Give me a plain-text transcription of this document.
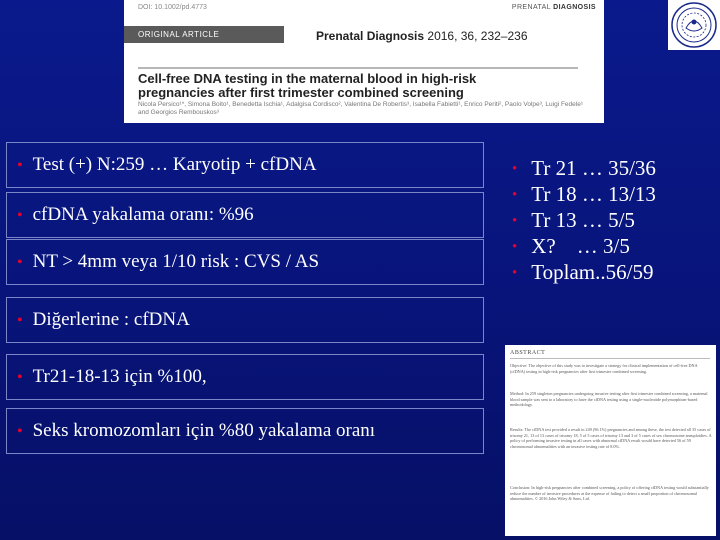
DOI: 10.1002/pd.4773	PRENATAL DIAGNOSIS
ORIGINAL ARTICLE	Prenatal Diagnosis 2016, 36, 232–236
Cell-free DNA testing in the maternal blood in high-risk
pregnancies after first trimester combined screening
Nicola Persico¹*, Simona Boito¹, Benedetta Ischia¹, Adalgisa Cordisco², Valentina De Robertis³, Isabella Fabietti¹, Enrico Periti², Paolo Volpe³, Luigi Fedele¹ and Georgios Rembouskos³
• Test (+) N:259 … Karyotip + cfDNA
• cfDNA yakalama oranı: %96
• NT > 4mm veya 1/10 risk : CVS / AS
• Diğerlerine : cfDNA
• Tr21-18-13 için %100,
• Seks kromozomları için %80 yakalama oranı
• Tr 21 … 35/36
• Tr 18 … 13/13
• Tr 13 … 5/5
• X?    … 3/5
• Toplam..56/59
ABSTRACT
Objective: The objective of this study was to investigate a strategy for clinical implementation of cell-free DNA (cfDNA) testing in high-risk pregnancies after first trimester combined screening.
Method: In 259 singleton pregnancies undergoing invasive testing after first trimester combined screening, a maternal blood sample was sent to a laboratory to have the cfDNA testing using a single-nucleotide polymorphism-based methodology.
Results: The cfDNA test provided a result in 249 (96.1%) pregnancies and among these, the test detected all 35 cases of trisomy 21, 13 of 13 cases of trisomy 18, 5 of 5 cases of trisomy 13 and 3 of 5 cases of sex chromosome aneuploidies. A policy of performing invasive testing in all cases with abnormal cfDNA result would have detected 56 of 59 chromosomal abnormalities with an invasive testing rate of 8.0%.
Conclusion: In high-risk pregnancies after combined screening, a policy of offering cfDNA testing would substantially reduce the number of invasive procedures at the expense of failing to detect a small proportion of chromosomal abnormalities. © 2016 John Wiley & Sons, Ltd.
